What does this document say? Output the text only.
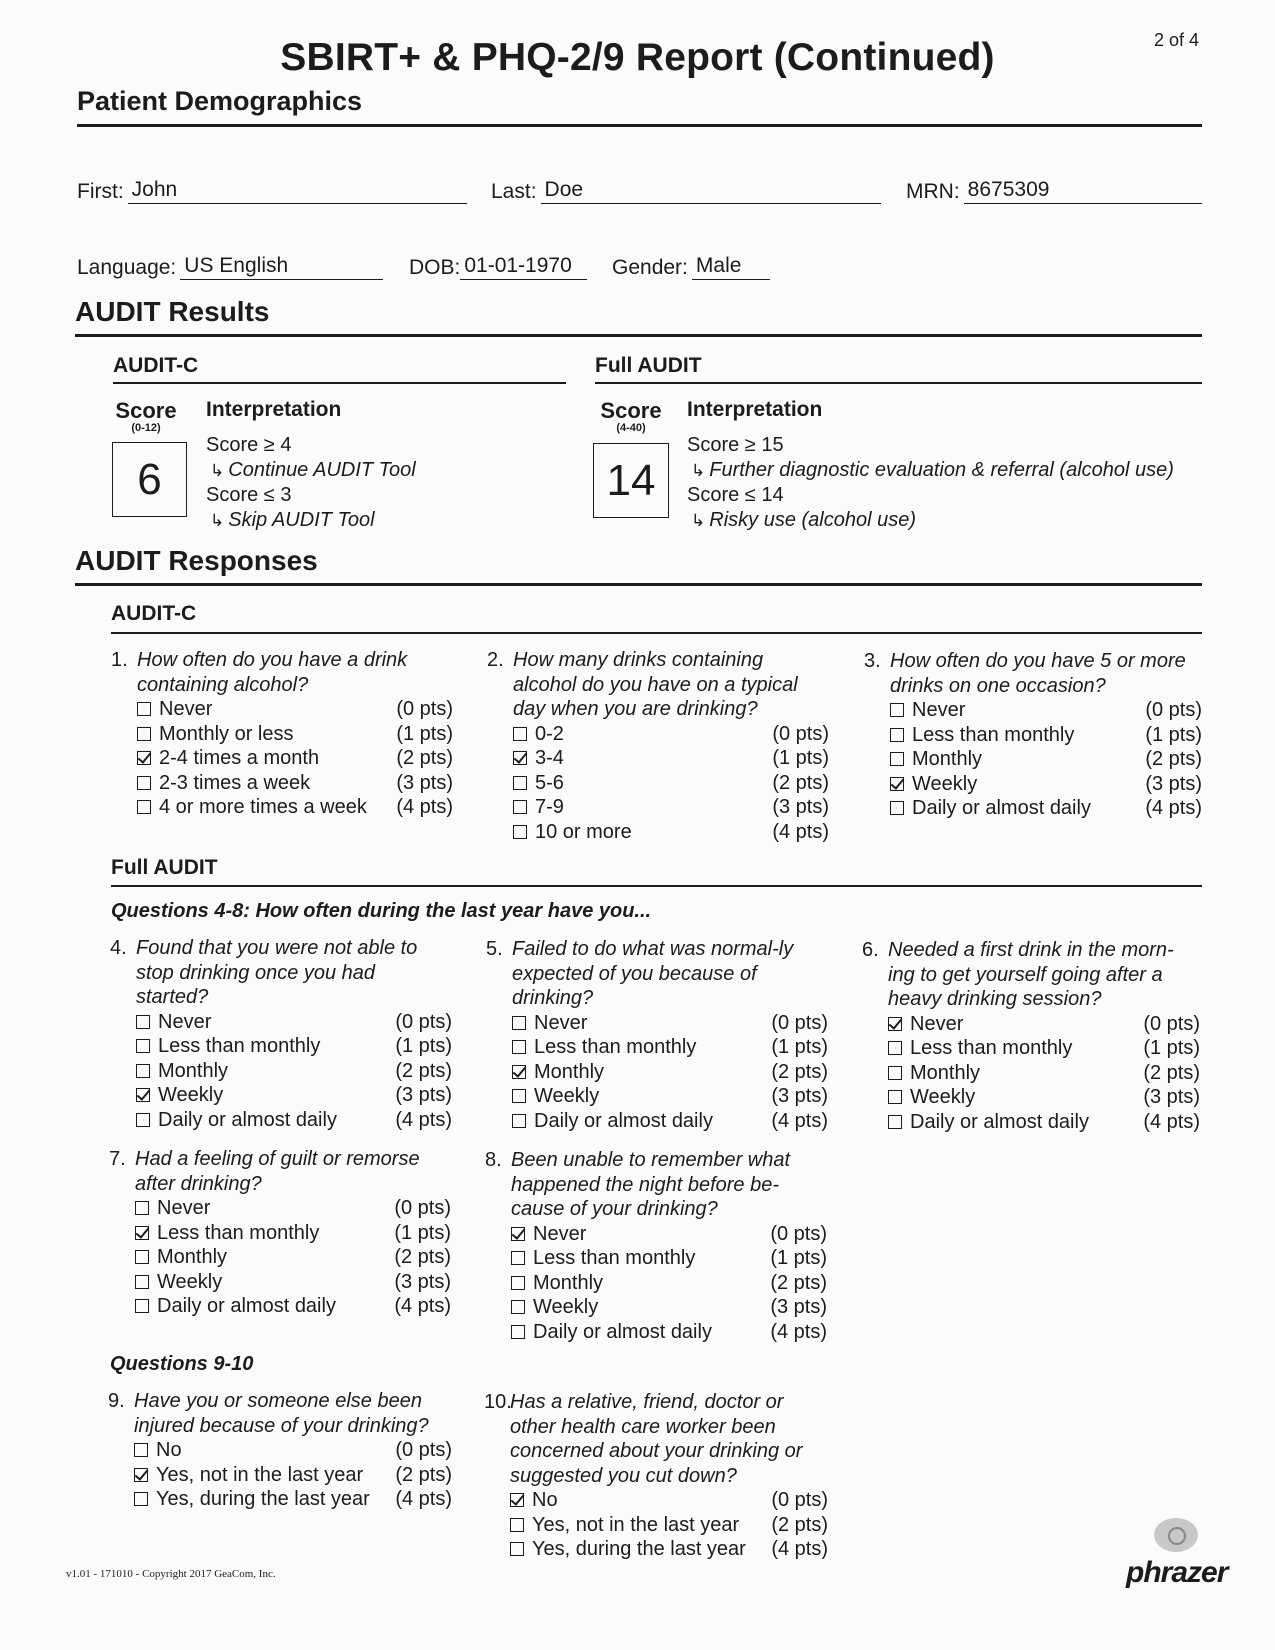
2 of 4
SBIRT+ & PHQ-2/9 Report (Continued)
Patient Demographics
First: John	Last: Doe	MRN: 8675309
Language: US English	DOB: 01-01-1970	Gender: Male
AUDIT Results
AUDIT-C
Score
(0-12)
6
Interpretation
Score ≥ 4
↳ Continue AUDIT Tool
Score ≤ 3
↳ Skip AUDIT Tool
Full AUDIT
Score
(4-40)
14
Interpretation
Score ≥ 15
↳ Further diagnostic evaluation & referral (alcohol use)
Score ≤ 14
↳ Risky use (alcohol use)
AUDIT Responses
AUDIT-C
Full AUDIT
Questions 4-8: How often during the last year have you...
Questions 9-10
1. How often do you have a drink containing alcohol?
Never	(0 pts)
Monthly or less	(1 pts)
2-4 times a month	(2 pts)
2-3 times a week	(3 pts)
4 or more times a week (4 pts)
2. How many drinks containing alcohol do you have on a typical day when you are drinking?
0-2	(0 pts)
3-4	(1 pts)
5-6	(2 pts)
7-9	(3 pts)
10 or more	(4 pts)
3. How often do you have 5 or more drinks on one occasion?
Never	(0 pts)
Less than monthly	(1 pts)
Monthly	(2 pts)
Weekly	(3 pts)
Daily or almost daily	(4 pts)
4. Found that you were not able to stop drinking once you had started?
Never	(0 pts)
Less than monthly	(1 pts)
Monthly	(2 pts)
Weekly	(3 pts)
Daily or almost daily	(4 pts)
5. Failed to do what was normal-ly expected of you because of drinking?
Never	(0 pts)
Less than monthly	(1 pts)
Monthly	(2 pts)
Weekly	(3 pts)
Daily or almost daily	(4 pts)
6. Needed a first drink in the morn-ing to get yourself going after a heavy drinking session?
Never	(0 pts)
Less than monthly	(1 pts)
Monthly	(2 pts)
Weekly	(3 pts)
Daily or almost daily	(4 pts)
7. Had a feeling of guilt or remorse after drinking?
Never	(0 pts)
Less than monthly	(1 pts)
Monthly	(2 pts)
Weekly	(3 pts)
Daily or almost daily	(4 pts)
8. Been unable to remember what happened the night before be-cause of your drinking?
Never	(0 pts)
Less than monthly	(1 pts)
Monthly	(2 pts)
Weekly	(3 pts)
Daily or almost daily	(4 pts)
9. Have you or someone else been injured because of your drinking?
No	(0 pts)
Yes, not in the last year (2 pts)
Yes, during the last year (4 pts)
10.
Has a relative, friend, doctor or other health care worker been concerned about your drinking or suggested you cut down?
No	(0 pts)
Yes, not in the last year (2 pts)
Yes, during the last year (4 pts)
v1.01 - 171010 - Copyright 2017 GeaCom, Inc.	phrazer
